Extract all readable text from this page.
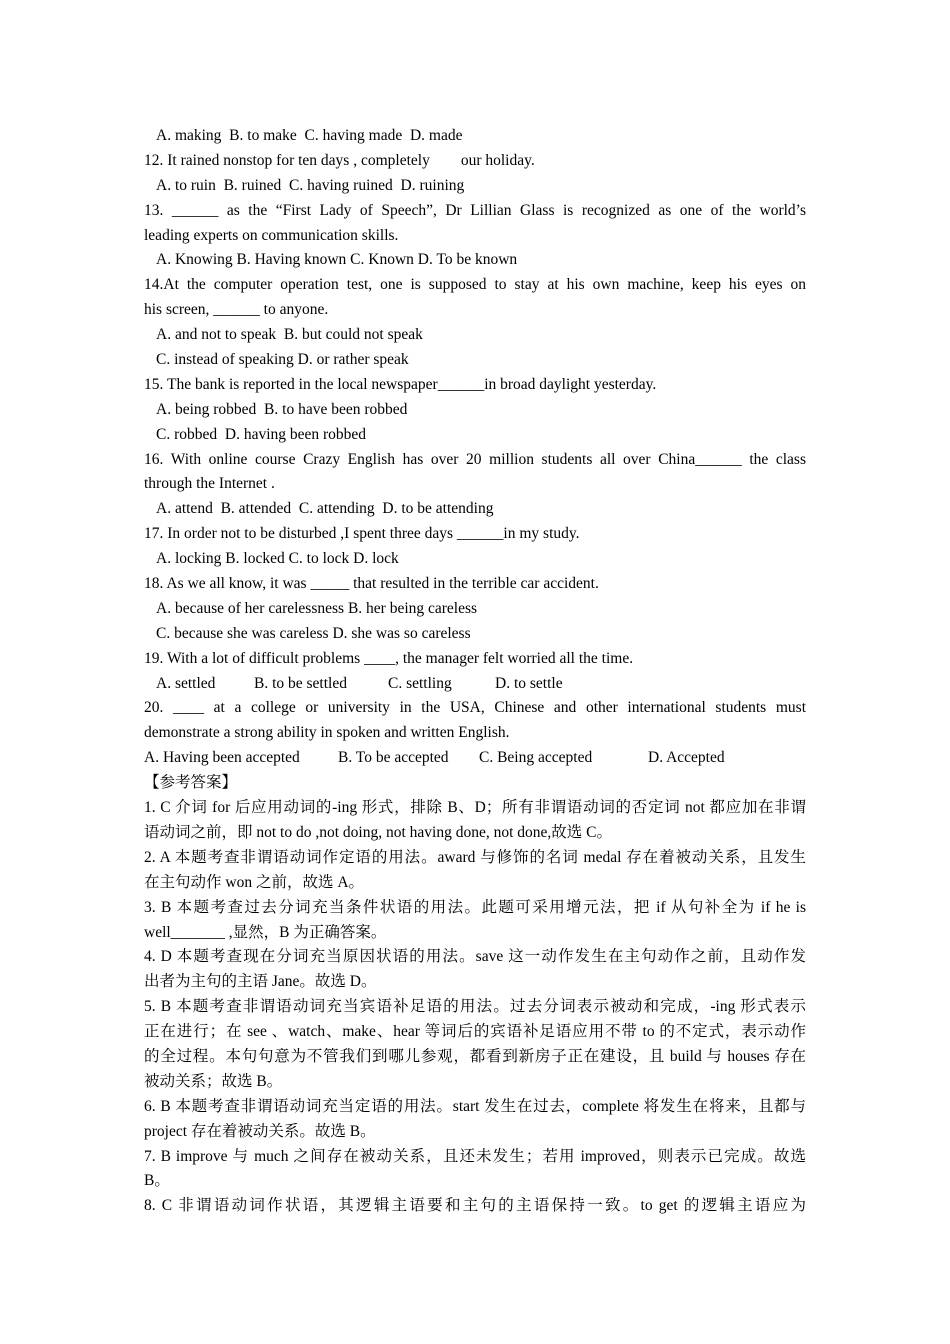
A. making  B. to make  C. having made  D. made
12. It rained nonstop for ten days , completely        our holiday.
A. to ruin  B. ruined  C. having ruined  D. ruining
13. ______ as the “First Lady of Speech”, Dr Lillian Glass is recognized as one of the world’s
leading experts on communication skills.
A. Knowing B. Having known C. Known D. To be known
14.At the computer operation test, one is supposed to stay at his own machine, keep his eyes on
his screen, ______ to anyone.
A. and not to speak  B. but could not speak
C. instead of speaking D. or rather speak
15. The bank is reported in the local newspaper______in broad daylight yesterday.
A. being robbed  B. to have been robbed
C. robbed  D. having been robbed
16. With online course Crazy English has over 20 million students all over China______ the class
through the Internet .
A. attend  B. attended  C. attending  D. to be attending
17. In order not to be disturbed ,I spent three days ______in my study.
A. locking B. locked C. to lock D. lock
18. As we all know, it was _____ that resulted in the terrible car accident.
A. because of her carelessness B. her being careless
C. because she was careless D. she was so careless
19. With a lot of difficult problems ____, the manager felt worried all the time.
A. settled	B. to be settled	C. settling	D. to settle
20. ____ at a college or university in the USA, Chinese and other international students must
demonstrate a strong ability in spoken and written English.
A. Having been accepted	B. To be accepted	C. Being accepted	D. Accepted
【参考答案】
1. C 介词 for 后应用动词的-ing 形式，排除 B、D；所有非谓语动词的否定词 not 都应加在非谓
语动词之前，即 not to do ,not doing, not having done, not done,故选 C。
2. A 本题考查非谓语动词作定语的用法。award 与修饰的名词 medal 存在着被动关系，且发生
在主句动作 won 之前，故选 A。
3. B 本题考查过去分词充当条件状语的用法。此题可采用增元法，把 if 从句补全为 if he is
well_______ ,显然，B 为正确答案。
4. D 本题考查现在分词充当原因状语的用法。save 这一动作发生在主句动作之前，且动作发
出者为主句的主语 Jane。故选 D。
5. B 本题考查非谓语动词充当宾语补足语的用法。过去分词表示被动和完成，-ing 形式表示
正在进行；在 see 、watch、make、hear 等词后的宾语补足语应用不带 to 的不定式，表示动作
的全过程。本句句意为不管我们到哪儿参观，都看到新房子正在建设，且 build 与 houses 存在
被动关系；故选 B。
6. B 本题考查非谓语动词充当定语的用法。start 发生在过去，complete 将发生在将来，且都与
project 存在着被动关系。故选 B。
7. B improve 与 much 之间存在被动关系，且还未发生；若用 improved，则表示已完成。故选
B。
8. C 非谓语动词作状语，其逻辑主语要和主句的主语保持一致。to get 的逻辑主语应为
